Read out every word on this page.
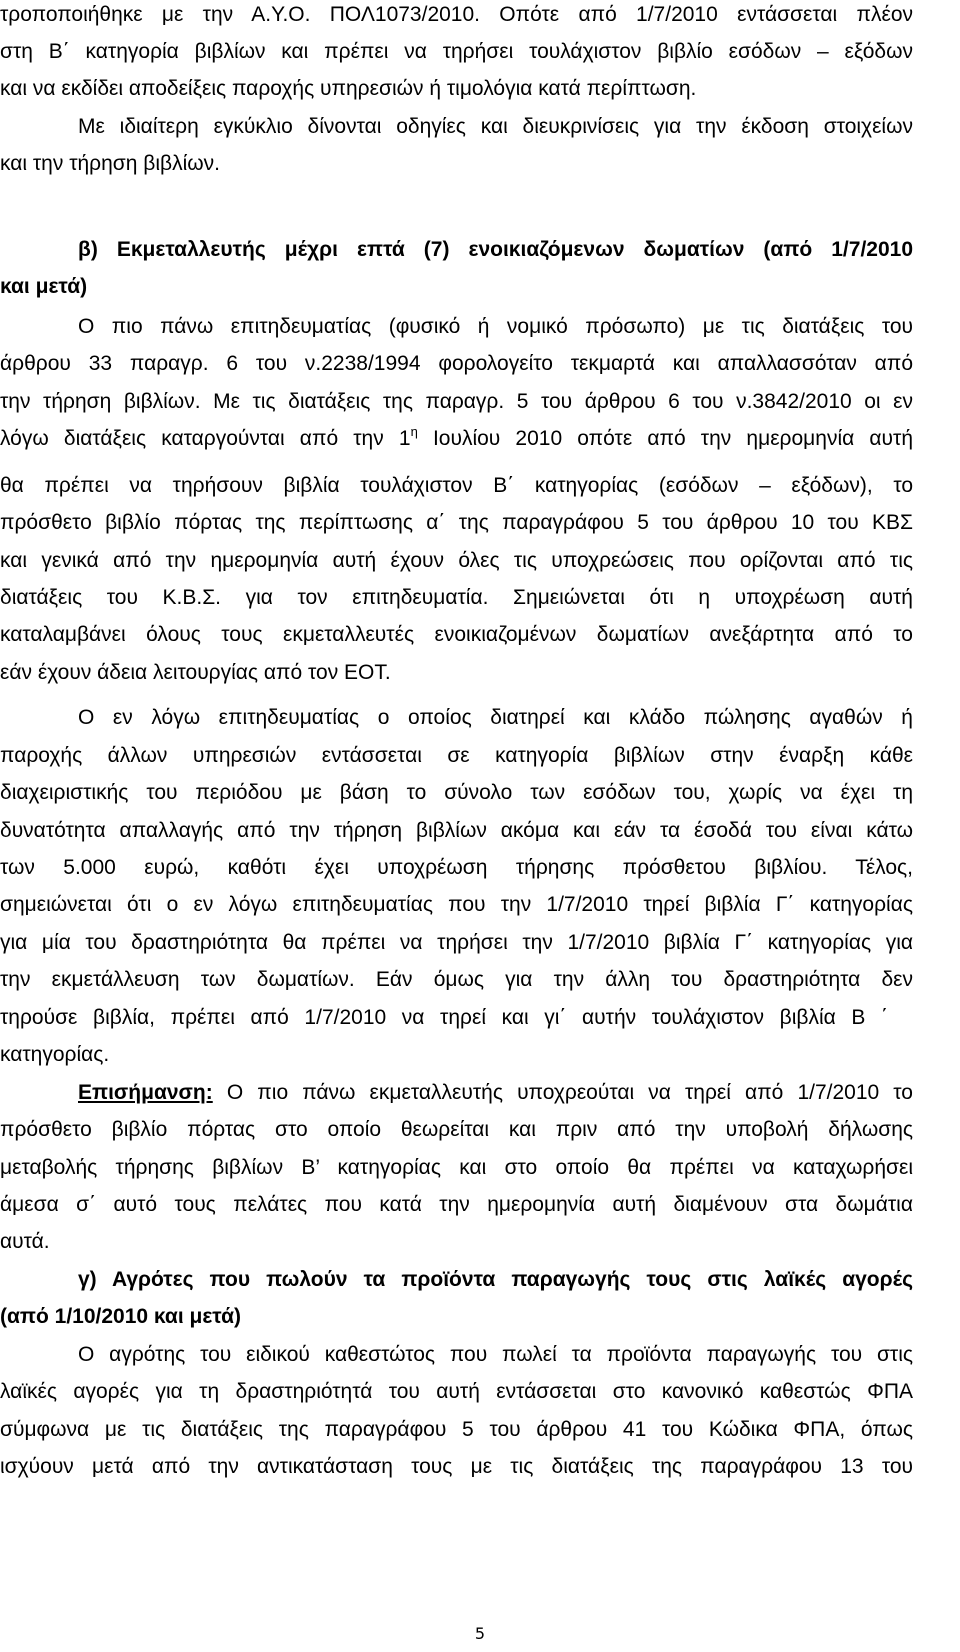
τροποποιήθηκε με την Α.Υ.Ο. ΠΟΛ1073/2010. Οπότε από 1/7/2010 εντάσσεται πλέον
στη Β΄ κατηγορία βιβλίων και πρέπει να τηρήσει τουλάχιστον βιβλίο εσόδων – εξόδων
και να εκδίδει αποδείξεις παροχής υπηρεσιών ή τιμολόγια κατά περίπτωση.
Με ιδιαίτερη εγκύκλιο δίνονται οδηγίες και διευκρινίσεις για την έκδοση στοιχείων
και την τήρηση βιβλίων.
β) Εκμεταλλευτής μέχρι επτά (7) ενοικιαζόμενων δωματίων (από 1/7/2010
και μετά)
Ο πιο πάνω επιτηδευματίας (φυσικό ή νομικό πρόσωπο) με τις διατάξεις του
άρθρου 33 παραγρ. 6 του ν.2238/1994 φορολογείτο τεκμαρτά και απαλλασσόταν από
την τήρηση βιβλίων. Με τις διατάξεις της παραγρ. 5 του άρθρου 6 του ν.3842/2010 οι εν
λόγω διατάξεις καταργούνται από την $1^\eta$ Ιουλίου 2010 οπότε από την ημερομηνία αυτή
θα πρέπει να τηρήσουν βιβλία τουλάχιστον Β΄ κατηγορίας (εσόδων – εξόδων), το
πρόσθετο βιβλίο πόρτας της περίπτωσης α΄ της παραγράφου 5 του άρθρου 10 του ΚΒΣ
και γενικά από την ημερομηνία αυτή έχουν όλες τις υποχρεώσεις που ορίζονται από τις
διατάξεις του Κ.Β.Σ. για τον επιτηδευματία. Σημειώνεται ότι η υποχρέωση αυτή
καταλαμβάνει όλους τους εκμεταλλευτές ενοικιαζομένων δωματίων ανεξάρτητα από το
εάν έχουν άδεια λειτουργίας από τον ΕΟΤ.
Ο εν λόγω επιτηδευματίας ο οποίος διατηρεί και κλάδο πώλησης αγαθών ή
παροχής άλλων υπηρεσιών εντάσσεται σε κατηγορία βιβλίων στην έναρξη κάθε
διαχειριστικής του περιόδου με βάση το σύνολο των εσόδων του, χωρίς να έχει τη
δυνατότητα απαλλαγής από την τήρηση βιβλίων ακόμα και εάν τα έσοδά του είναι κάτω
των 5.000 ευρώ, καθότι έχει υποχρέωση τήρησης πρόσθετου βιβλίου. Τέλος,
σημειώνεται ότι ο εν λόγω επιτηδευματίας που την 1/7/2010 τηρεί βιβλία Γ΄ κατηγορίας
για μία του δραστηριότητα θα πρέπει να τηρήσει την 1/7/2010 βιβλία Γ΄ κατηγορίας για
την εκμετάλλευση των δωματίων. Εάν όμως για την άλλη του δραστηριότητα δεν
τηρούσε βιβλία, πρέπει από 1/7/2010 να τηρεί και γι΄ αυτήν τουλάχιστον βιβλία Β ΄
κατηγορίας.
Επισήμανση: Ο πιο πάνω εκμεταλλευτής υποχρεούται να τηρεί από 1/7/2010 το
πρόσθετο βιβλίο πόρτας στο οποίο θεωρείται και πριν από την υποβολή δήλωσης
μεταβολής τήρησης βιβλίων Β’ κατηγορίας και στο οποίο θα πρέπει να καταχωρήσει
άμεσα σ΄ αυτό τους πελάτες που κατά την ημερομηνία αυτή διαμένουν στα δωμάτια
αυτά.
γ) Αγρότες που πωλούν τα προϊόντα παραγωγής τους στις λαϊκές αγορές
(από 1/10/2010 και μετά)
Ο αγρότης του ειδικού καθεστώτος που πωλεί τα προϊόντα παραγωγής του στις
λαϊκές αγορές για τη δραστηριότητά του αυτή εντάσσεται στο κανονικό καθεστώς ΦΠΑ
σύμφωνα με τις διατάξεις της παραγράφου 5 του άρθρου 41 του Κώδικα ΦΠΑ, όπως
ισχύουν μετά από την αντικατάσταση τους με τις διατάξεις της παραγράφου 13 του
5
